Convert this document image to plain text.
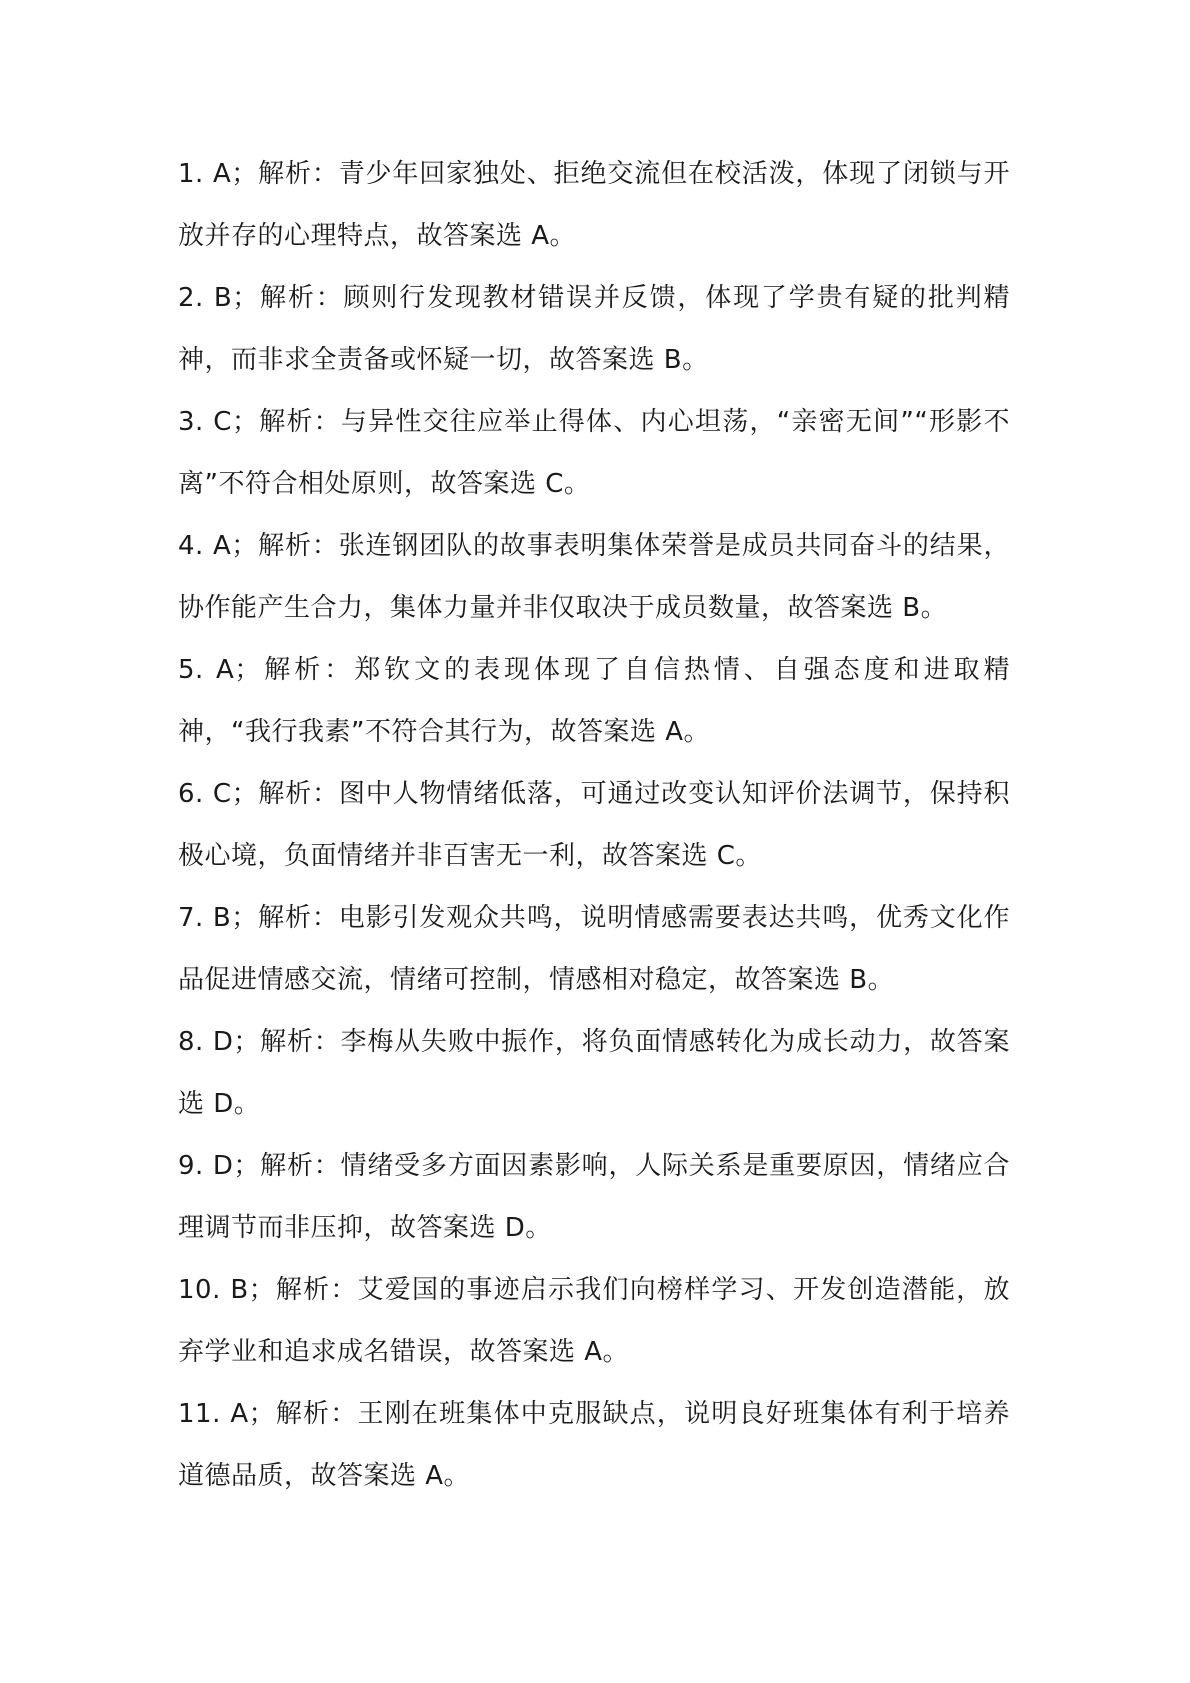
1. A；解析：青少年回家独处、拒绝交流但在校活泼，体现了闭锁与开放并存的心理特点，故答案选 A。

2. B；解析：顾则行发现教材错误并反馈，体现了学贵有疑的批判精神，而非求全责备或怀疑一切，故答案选 B。

3. C；解析：与异性交往应举止得体、内心坦荡，“亲密无间”“形影不离”不符合相处原则，故答案选 C。

4. A；解析：张连钢团队的故事表明集体荣誉是成员共同奋斗的结果，协作能产生合力，集体力量并非仅取决于成员数量，故答案选 B。

5. A；解析：郑钦文的表现体现了自信热情、自强态度和进取精神，“我行我素”不符合其行为，故答案选 A。

6. C；解析：图中人物情绪低落，可通过改变认知评价法调节，保持积极心境，负面情绪并非百害无一利，故答案选 C。

7. B；解析：电影引发观众共鸣，说明情感需要表达共鸣，优秀文化作品促进情感交流，情绪可控制，情感相对稳定，故答案选 B。

8. D；解析：李梅从失败中振作，将负面情感转化为成长动力，故答案选 D。

9. D；解析：情绪受多方面因素影响，人际关系是重要原因，情绪应合理调节而非压抑，故答案选 D。

10. B；解析：艾爱国的事迹启示我们向榜样学习、开发创造潜能，放弃学业和追求成名错误，故答案选 A。

11. A；解析：王刚在班集体中克服缺点，说明良好班集体有利于培养道德品质，故答案选 A。
